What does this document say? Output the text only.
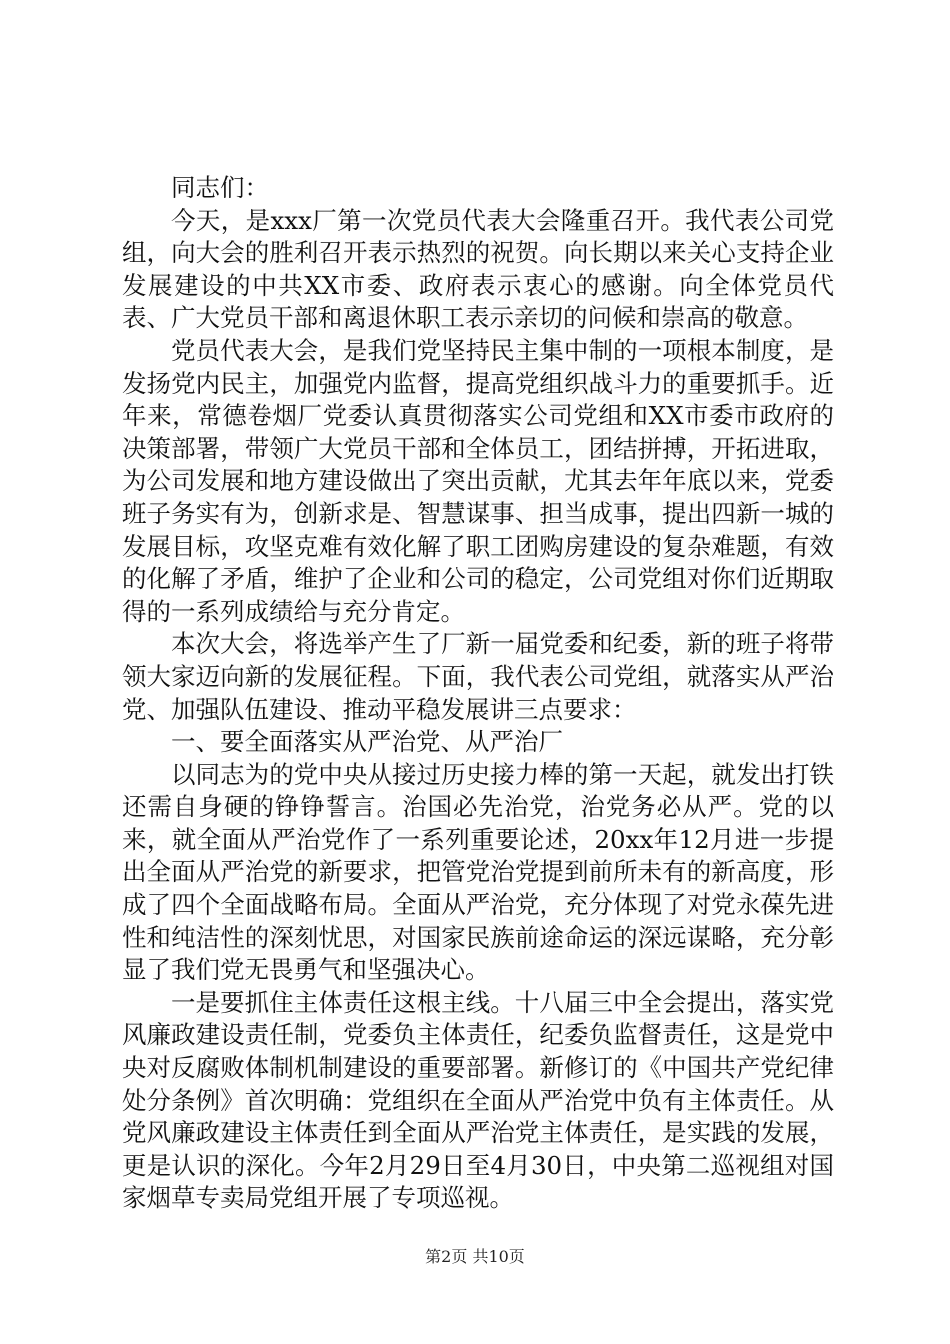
同志们：

今天，是xxx厂第一次党员代表大会隆重召开。我代表公司党组，向大会的胜利召开表示热烈的祝贺。向长期以来关心支持企业发展建设的中共XX市委、政府表示衷心的感谢。向全体党员代表、广大党员干部和离退休职工表示亲切的问候和崇高的敬意。

党员代表大会，是我们党坚持民主集中制的一项根本制度，是发扬党内民主，加强党内监督，提高党组织战斗力的重要抓手。近年来，常德卷烟厂党委认真贯彻落实公司党组和XX市委市政府的决策部署，带领广大党员干部和全体员工，团结拼搏，开拓进取，为公司发展和地方建设做出了突出贡献，尤其去年年底以来，党委班子务实有为，创新求是、智慧谋事、担当成事，提出四新一城的发展目标，攻坚克难有效化解了职工团购房建设的复杂难题，有效的化解了矛盾，维护了企业和公司的稳定，公司党组对你们近期取得的一系列成绩给与充分肯定。

本次大会，将选举产生了厂新一届党委和纪委，新的班子将带领大家迈向新的发展征程。下面，我代表公司党组，就落实从严治党、加强队伍建设、推动平稳发展讲三点要求：

一、要全面落实从严治党、从严治厂

以同志为的党中央从接过历史接力棒的第一天起，就发出打铁还需自身硬的铮铮誓言。治国必先治党，治党务必从严。党的以来，就全面从严治党作了一系列重要论述，20xx年12月进一步提出全面从严治党的新要求，把管党治党提到前所未有的新高度，形成了四个全面战略布局。全面从严治党，充分体现了对党永葆先进性和纯洁性的深刻忧思，对国家民族前途命运的深远谋略，充分彰显了我们党无畏勇气和坚强决心。

一是要抓住主体责任这根主线。十八届三中全会提出，落实党风廉政建设责任制，党委负主体责任，纪委负监督责任，这是党中央对反腐败体制机制建设的重要部署。新修订的《中国共产党纪律处分条例》首次明确：党组织在全面从严治党中负有主体责任。从党风廉政建设主体责任到全面从严治党主体责任，是实践的发展，更是认识的深化。今年2月29日至4月30日，中央第二巡视组对国家烟草专卖局党组开展了专项巡视。

第2页 共10页
